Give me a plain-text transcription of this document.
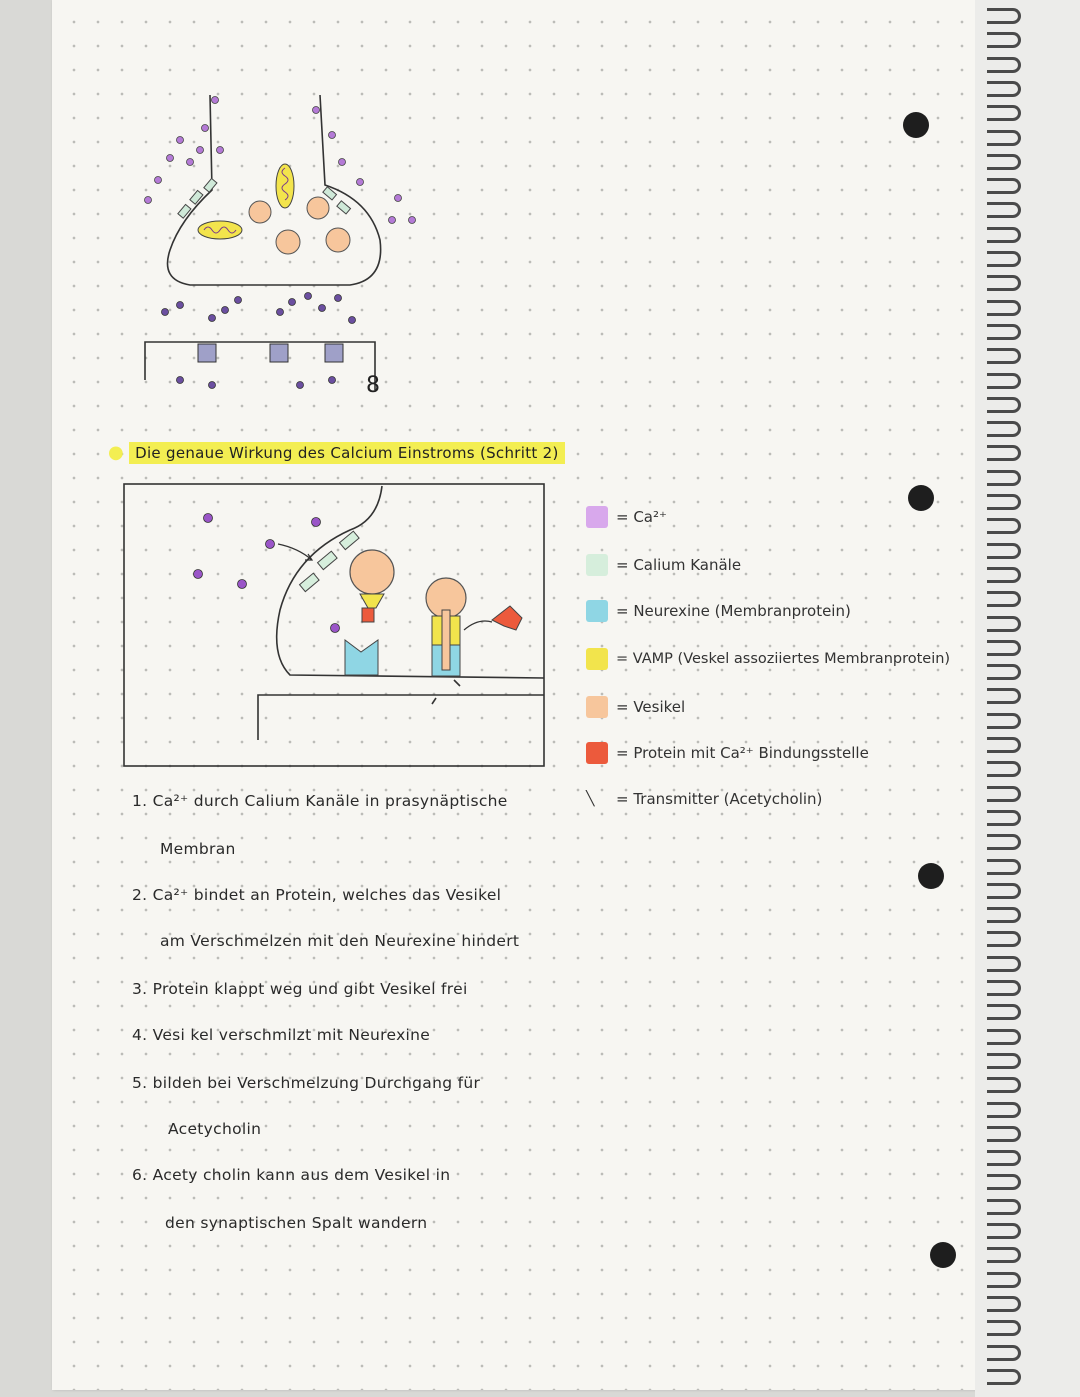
8
● Die genaue Wirkung des Calcium Einstroms (Schritt 2)
= Ca²⁺
= Calium Kanäle
= Neurexine (Membranprotein)
= VAMP (Veskel assoziiertes Membranprotein)
= Vesikel
= Protein mit Ca²⁺ Bindungsstelle
╲	= Transmitter (Acetycholin)
1. Ca²⁺ durch Calium Kanäle in prasynäptische
Membran
2. Ca²⁺ bindet an Protein, welches das Vesikel
am Verschmelzen mit den Neurexine hindert
3. Protein klappt weg und gibt Vesikel frei
4. Vesi kel verschmilzt mit Neurexine
5. bilden bei Verschmelzung Durchgang für
Acetycholin
6. Acety cholin kann aus dem Vesikel in
den synaptischen Spalt wandern
